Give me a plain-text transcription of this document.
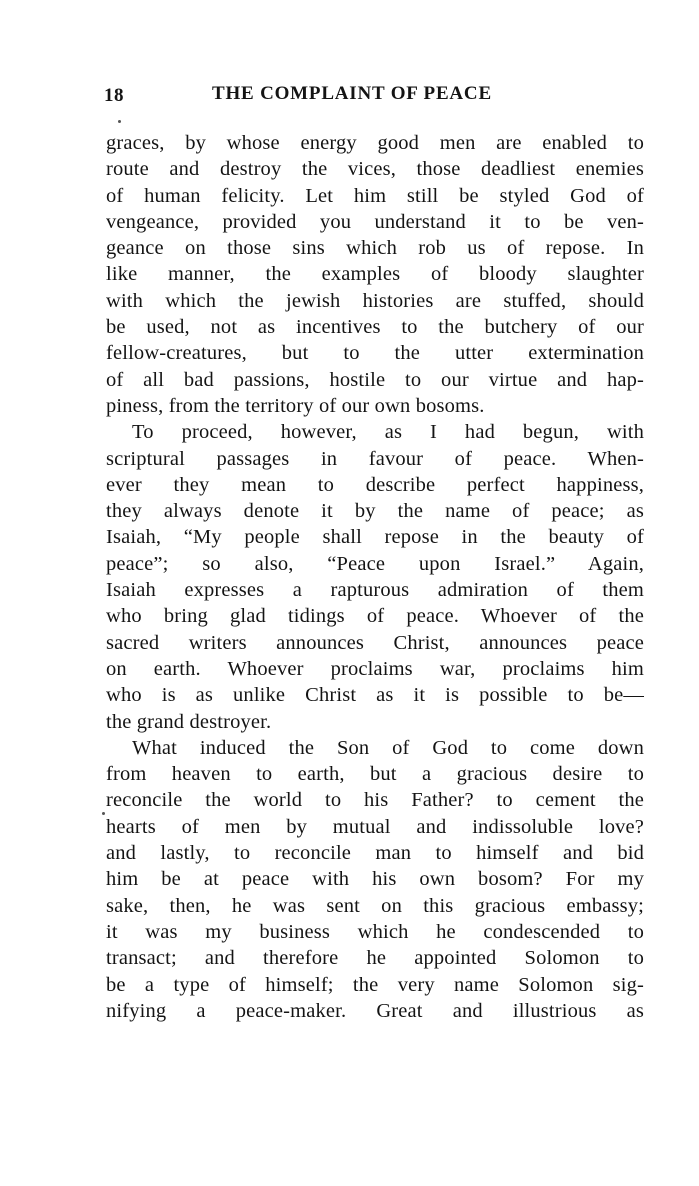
18	THE COMPLAINT OF PEACE
graces, by whose energy good men are enabled to
route and destroy the vices, those deadliest enemies
of human felicity. Let him still be styled God of
vengeance, provided you understand it to be ven-
geance on those sins which rob us of repose. In
like manner, the examples of bloody slaughter
with which the jewish histories are stuffed, should
be used, not as incentives to the butchery of our
fellow-creatures, but to the utter extermination
of all bad passions, hostile to our virtue and hap-
piness, from the territory of our own bosoms.
To proceed, however, as I had begun, with
scriptural passages in favour of peace. When-
ever they mean to describe perfect happiness,
they always denote it by the name of peace; as
Isaiah, “My people shall repose in the beauty of
peace”; so also, “Peace upon Israel.” Again,
Isaiah expresses a rapturous admiration of them
who bring glad tidings of peace. Whoever of the
sacred writers announces Christ, announces peace
on earth. Whoever proclaims war, proclaims him
who is as unlike Christ as it is possible to be—
the grand destroyer.
What induced the Son of God to come down
from heaven to earth, but a gracious desire to
reconcile the world to his Father? to cement the
hearts of men by mutual and indissoluble love?
and lastly, to reconcile man to himself and bid
him be at peace with his own bosom? For my
sake, then, he was sent on this gracious embassy;
it was my business which he condescended to
transact; and therefore he appointed Solomon to
be a type of himself; the very name Solomon sig-
nifying a peace-maker. Great and illustrious as
